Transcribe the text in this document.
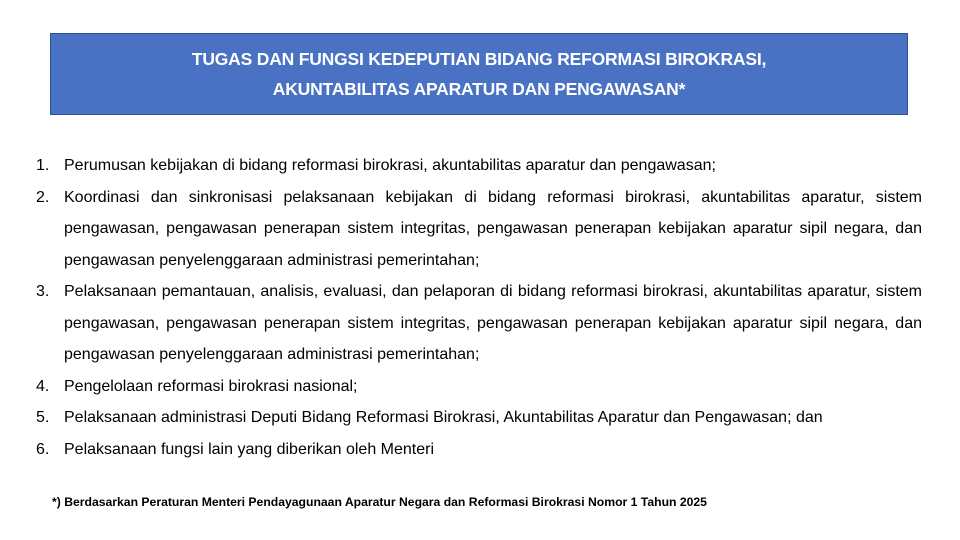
TUGAS DAN FUNGSI KEDEPUTIAN BIDANG REFORMASI BIROKRASI,
AKUNTABILITAS APARATUR DAN PENGAWASAN*
1. Perumusan kebijakan di bidang reformasi birokrasi, akuntabilitas aparatur dan pengawasan;
2. Koordinasi dan sinkronisasi pelaksanaan kebijakan di bidang reformasi birokrasi, akuntabilitas aparatur, sistem pengawasan, pengawasan penerapan sistem integritas, pengawasan penerapan kebijakan aparatur sipil negara, dan pengawasan penyelenggaraan administrasi pemerintahan;
3. Pelaksanaan pemantauan, analisis, evaluasi, dan pelaporan di bidang reformasi birokrasi, akuntabilitas aparatur, sistem pengawasan, pengawasan penerapan sistem integritas, pengawasan penerapan kebijakan aparatur sipil negara, dan pengawasan penyelenggaraan administrasi pemerintahan;
4. Pengelolaan reformasi birokrasi nasional;
5. Pelaksanaan administrasi Deputi Bidang Reformasi Birokrasi, Akuntabilitas Aparatur dan Pengawasan; dan
6. Pelaksanaan fungsi lain yang diberikan oleh Menteri
*) Berdasarkan Peraturan Menteri Pendayagunaan Aparatur Negara dan Reformasi Birokrasi Nomor 1 Tahun 2025
